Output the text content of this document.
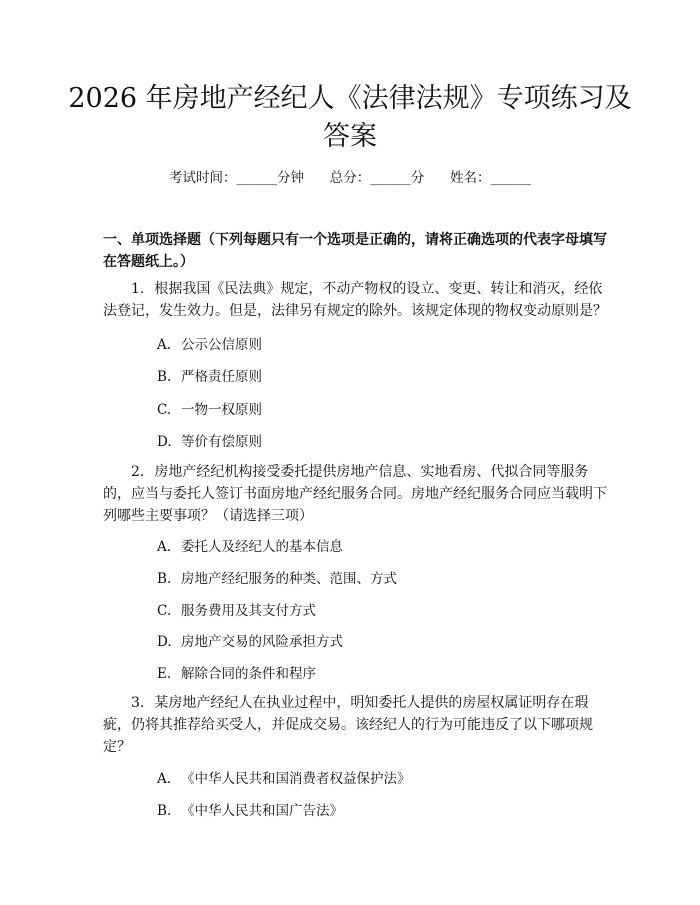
2026 年房地产经纪人《法律法规》专项练习及答案
考试时间：______分钟      总分：______分      姓名：______
一、单项选择题（下列每题只有一个选项是正确的，请将正确选项的代表字母填写在答题纸上。）
1. 根据我国《民法典》规定，不动产物权的设立、变更、转让和消灭，经依法登记，发生效力。但是，法律另有规定的除外。该规定体现的物权变动原则是？
A. 公示公信原则
B. 严格责任原则
C. 一物一权原则
D. 等价有偿原则
2. 房地产经纪机构接受委托提供房地产信息、实地看房、代拟合同等服务的，应当与委托人签订书面房地产经纪服务合同。房地产经纪服务合同应当载明下列哪些主要事项？（请选择三项）
A. 委托人及经纪人的基本信息
B. 房地产经纪服务的种类、范围、方式
C. 服务费用及其支付方式
D. 房地产交易的风险承担方式
E. 解除合同的条件和程序
3. 某房地产经纪人在执业过程中，明知委托人提供的房屋权属证明存在瑕疵，仍将其推荐给买受人，并促成交易。该经纪人的行为可能违反了以下哪项规定？
A. 《中华人民共和国消费者权益保护法》
B. 《中华人民共和国广告法》
